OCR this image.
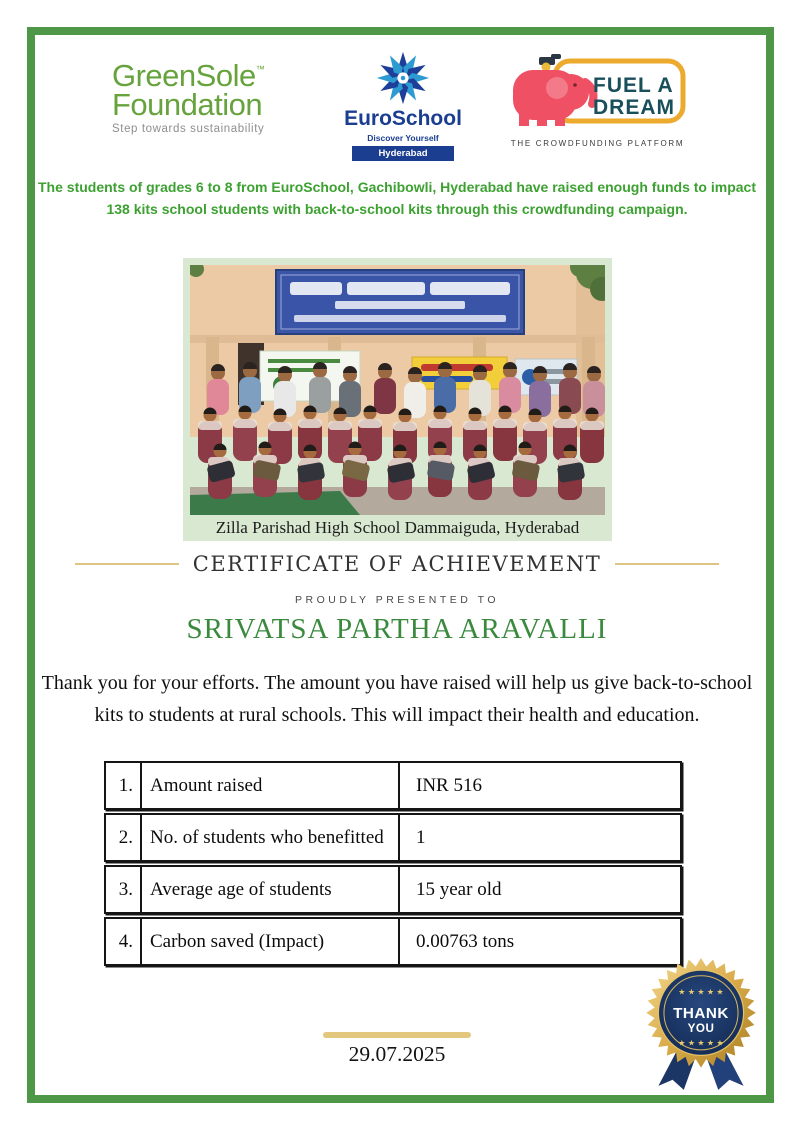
GreenSole™
Foundation
Step towards sustainability	EuroSchool
Discover Yourself
Hyderabad
FUEL A
DREAM
THE CROWDFUNDING PLATFORM
The students of grades 6 to 8 from EuroSchool, Gachibowli, Hyderabad have raised enough funds to impact 138 kits school students with back-to-school kits through this crowdfunding campaign.
Zilla Parishad High School Dammaiguda, Hyderabad
CERTIFICATE OF ACHIEVEMENT
PROUDLY PRESENTED TO
SRIVATSA PARTHA ARAVALLI
Thank you for your efforts. The amount you have raised will help us give back-to-school kits to students at rural schools. This will impact their health and education.
1. Amount raised	INR 516
2. No. of students who benefitted	1
3. Average age of students	15 year old
4. Carbon saved (Impact)	0.00763 tons
★ ★ ★ ★ ★
THANK
YOU
★ ★ ★ ★ ★
29.07.2025
